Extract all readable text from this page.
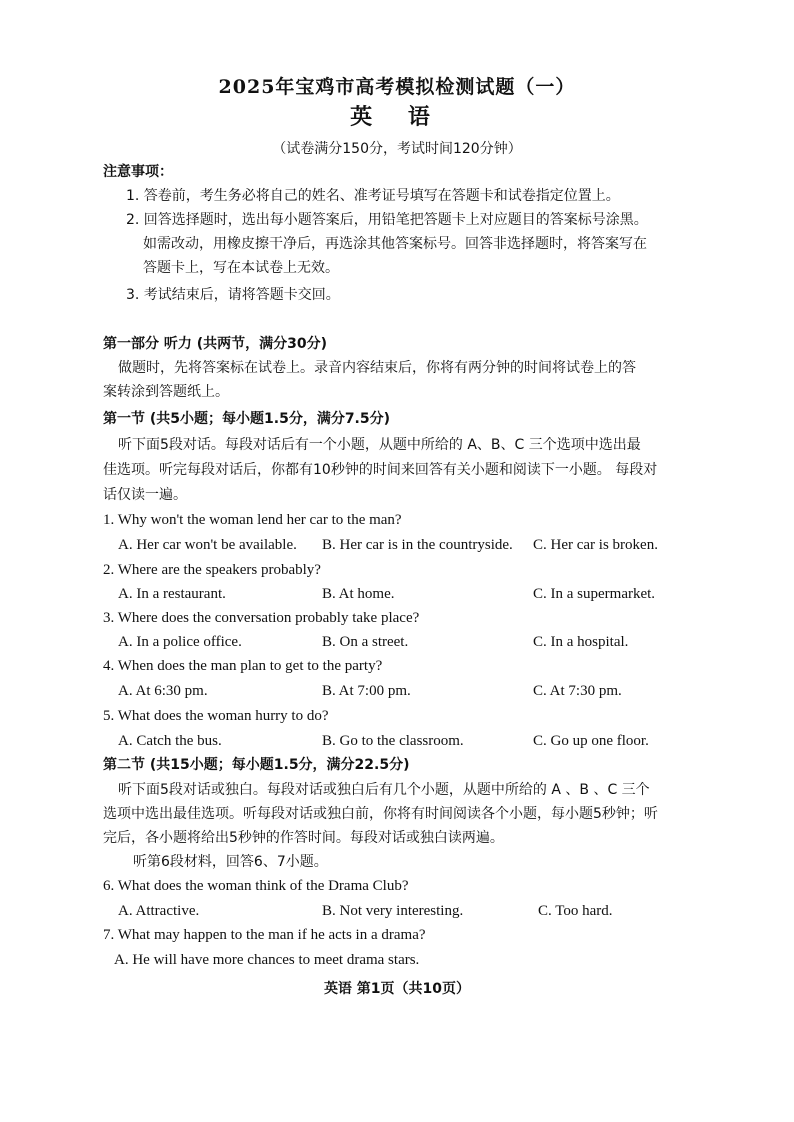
2025年宝鸡市高考模拟检测试题（一）
英 语
（试卷满分150分，考试时间120分钟）
注意事项：
1. 答卷前，考生务必将自己的姓名、准考证号填写在答题卡和试卷指定位置上。
2. 回答选择题时，选出每小题答案后，用铅笔把答题卡上对应题目的答案标号涂黑。
如需改动，用橡皮擦干净后，再选涂其他答案标号。回答非选择题时，将答案写在
答题卡上，写在本试卷上无效。
3. 考试结束后，请将答题卡交回。
第一部分 听力 (共两节，满分30分)
做题时，先将答案标在试卷上。录音内容结束后，你将有两分钟的时间将试卷上的答
案转涂到答题纸上。
第一节 (共5小题；每小题1.5分，满分7.5分)
听下面5段对话。每段对话后有一个小题，从题中所给的 A、B、C 三个选项中选出最
佳选项。听完每段对话后，你都有10秒钟的时间来回答有关小题和阅读下一小题。 每段对
话仅读一遍。
1. Why won't the woman lend her car to the man?
A. Her car won't be available. B. Her car is in the countryside. C. Her car is broken.
2. Where are the speakers probably?
A. In a restaurant.	B. At home.	C. In a supermarket.
3. Where does the conversation probably take place?
A. In a police office.	B. On a street.	C. In a hospital.
4. When does the man plan to get to the party?
A. At 6:30 pm.	B. At 7:00 pm.	C. At 7:30 pm.
5. What does the woman hurry to do?
A. Catch the bus.	B. Go to the classroom.	C. Go up one floor.
第二节 (共15小题；每小题1.5分，满分22.5分)
听下面5段对话或独白。每段对话或独白后有几个小题，从题中所给的 A 、B 、C 三个
选项中选出最佳选项。听每段对话或独白前，你将有时间阅读各个小题，每小题5秒钟；听
完后，各小题将给出5秒钟的作答时间。每段对话或独白读两遍。
听第6段材料，回答6、7小题。
6. What does the woman think of the Drama Club?
A. Attractive.	B. Not very interesting.	C. Too hard.
7. What may happen to the man if he acts in a drama?
A. He will have more chances to meet drama stars.
英语 第1页（共10页）
